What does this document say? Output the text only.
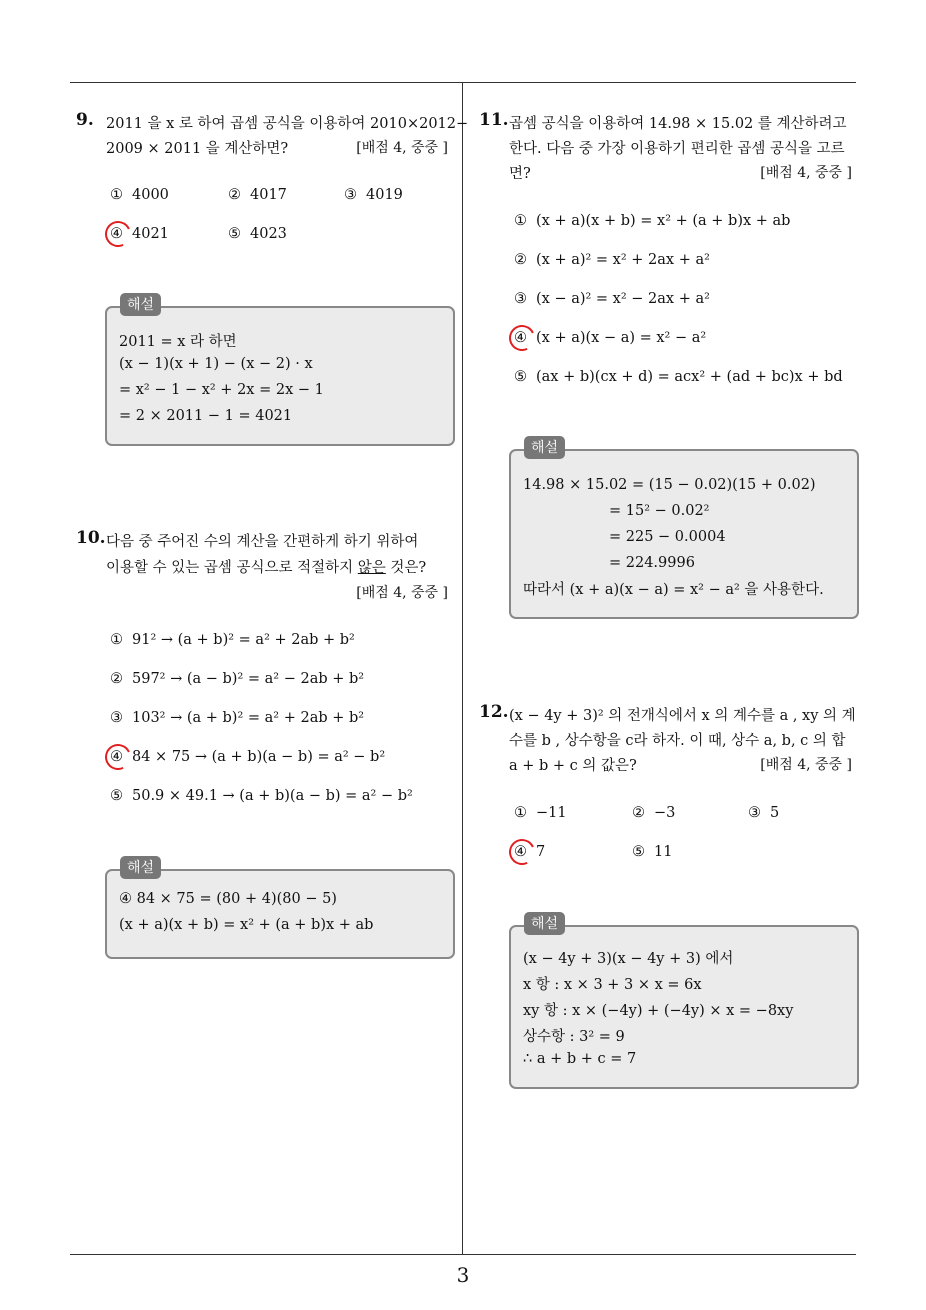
3
9. 2011 을 x 로 하여 곱셈 공식을 이용하여 2010×2012−
2009 × 2011 을 계산하면?	[배점 4, 중중 ]
① 4000	② 4017	③ 4019
④ 4021	⑤ 4023
2011 = x 라 하면
(x − 1)(x + 1) − (x − 2) · x
= x² − 1 − x² + 2x = 2x − 1
= 2 × 2011 − 1 = 4021
해설
10. 다음 중 주어진 수의 계산을 간편하게 하기 위하여
이용할 수 있는 곱셈 공식으로 적절하지 않은 것은?
[배점 4, 중중 ]
① 91² → (a + b)² = a² + 2ab + b²
② 597² → (a − b)² = a² − 2ab + b²
③ 103² → (a + b)² = a² + 2ab + b²
④ 84 × 75 → (a + b)(a − b) = a² − b²
⑤ 50.9 × 49.1 → (a + b)(a − b) = a² − b²
④ 84 × 75 = (80 + 4)(80 − 5)
(x + a)(x + b) = x² + (a + b)x + ab
해설
11. 곱셈 공식을 이용하여 14.98 × 15.02 를 계산하려고
한다. 다음 중 가장 이용하기 편리한 곱셈 공식을 고르
면?	[배점 4, 중중 ]
① (x + a)(x + b) = x² + (a + b)x + ab
② (x + a)² = x² + 2ax + a²
③ (x − a)² = x² − 2ax + a²
④ (x + a)(x − a) = x² − a²
⑤ (ax + b)(cx + d) = acx² + (ad + bc)x + bd
14.98 × 15.02 = (15 − 0.02)(15 + 0.02)
= 15² − 0.02²
= 225 − 0.0004
= 224.9996
따라서 (x + a)(x − a) = x² − a² 을 사용한다.
해설
12. (x − 4y + 3)² 의 전개식에서 x 의 계수를 a , xy 의 계
수를 b , 상수항을 c라 하자. 이 때, 상수 a, b, c 의 합
a + b + c 의 값은?	[배점 4, 중중 ]
① −11	② −3	③ 5
④ 7	⑤ 11
(x − 4y + 3)(x − 4y + 3) 에서
x 항 : x × 3 + 3 × x = 6x
xy 항 : x × (−4y) + (−4y) × x = −8xy
상수항 : 3² = 9
∴ a + b + c = 7
해설
